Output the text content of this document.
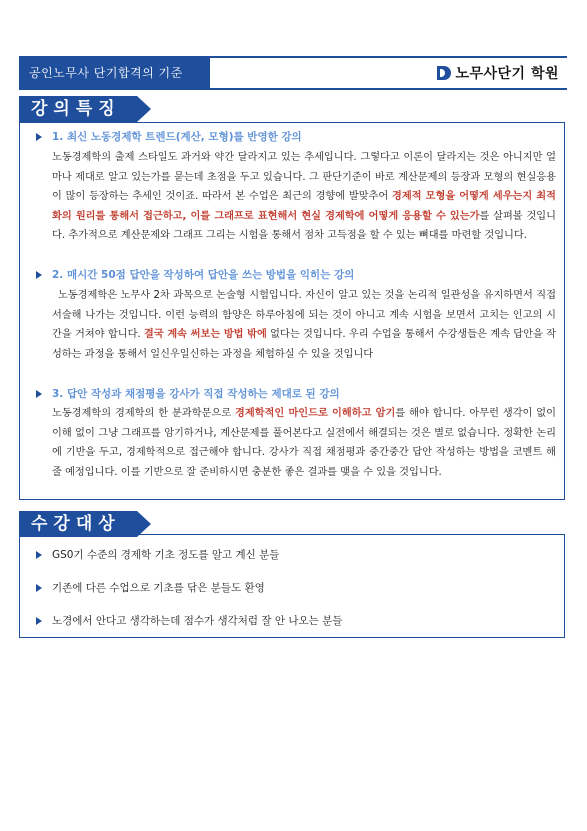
공인노무사 단기합격의 기준	노무사단기 학원
강의특징
1. 최신 노동경제학 트렌드(계산, 모형)를 반영한 강의
노동경제학의 출제 스타일도 과거와 약간 달라지고 있는 추세입니다. 그렇다고 이론이 달라지는 것은 아니지만 얼마나 제대로 알고 있는가를 묻는데 초점을 두고 있습니다. 그 판단기준이 바로 계산문제의 등장과 모형의 현실응용이 많이 등장하는 추세인 것이죠. 따라서 본 수업은 최근의 경향에 발맞추어 경제적 모형을 어떻게 세우는지 최적화의 원리를 통해서 접근하고, 이를 그래프로 표현해서 현실 경제학에 어떻게 응용할 수 있는가를 살펴볼 것입니다. 추가적으로 계산문제와 그래프 그리는 시험을 통해서 점차 고득점을 할 수 있는 뼈대를 마련할 것입니다.
2. 매시간 50점 답안을 작성하여 답안을 쓰는 방법을 익히는 강의
노동경제학은 노무사 2차 과목으로 논술형 시험입니다. 자신이 알고 있는 것을 논리적 일관성을 유지하면서 직접 서술해 나가는 것입니다. 이런 능력의 함양은 하루아침에 되는 것이 아니고 계속 시험을 보면서 고치는 인고의 시간을 거쳐야 합니다. 결국 계속 써보는 방법 밖에 없다는 것입니다. 우리 수업을 통해서 수강생들은 계속 답안을 작성하는 과정을 통해서 일신우일신하는 과정을 체험하실 수 있을 것입니다
3. 답안 작성과 채점평을 강사가 직접 작성하는 제대로 된 강의
노동경제학의 경제학의 한 분과학문으로 경제학적인 마인드로 이해하고 암기를 해야 합니다. 아무런 생각이 없이 이해 없이 그냥 그래프를 암기하거나, 계산문제를 풀어본다고 실전에서 해결되는 것은 별로 없습니다. 정확한 논리에 기반을 두고, 경제학적으로 접근해야 합니다. 강사가 직접 채점평과 중간중간 답안 작성하는 방법을 코멘트 해 줄 예정입니다. 이를 기반으로 잘 준비하시면 충분한 좋은 결과를 맺을 수 있을 것입니다.
수강대상
GS0기 수준의 경제학 기초 정도를 알고 계신 분들
기존에 다른 수업으로 기초를 닦은 분들도 환영
노경에서 안다고 생각하는데 점수가 생각처럼 잘 안 나오는 분들
